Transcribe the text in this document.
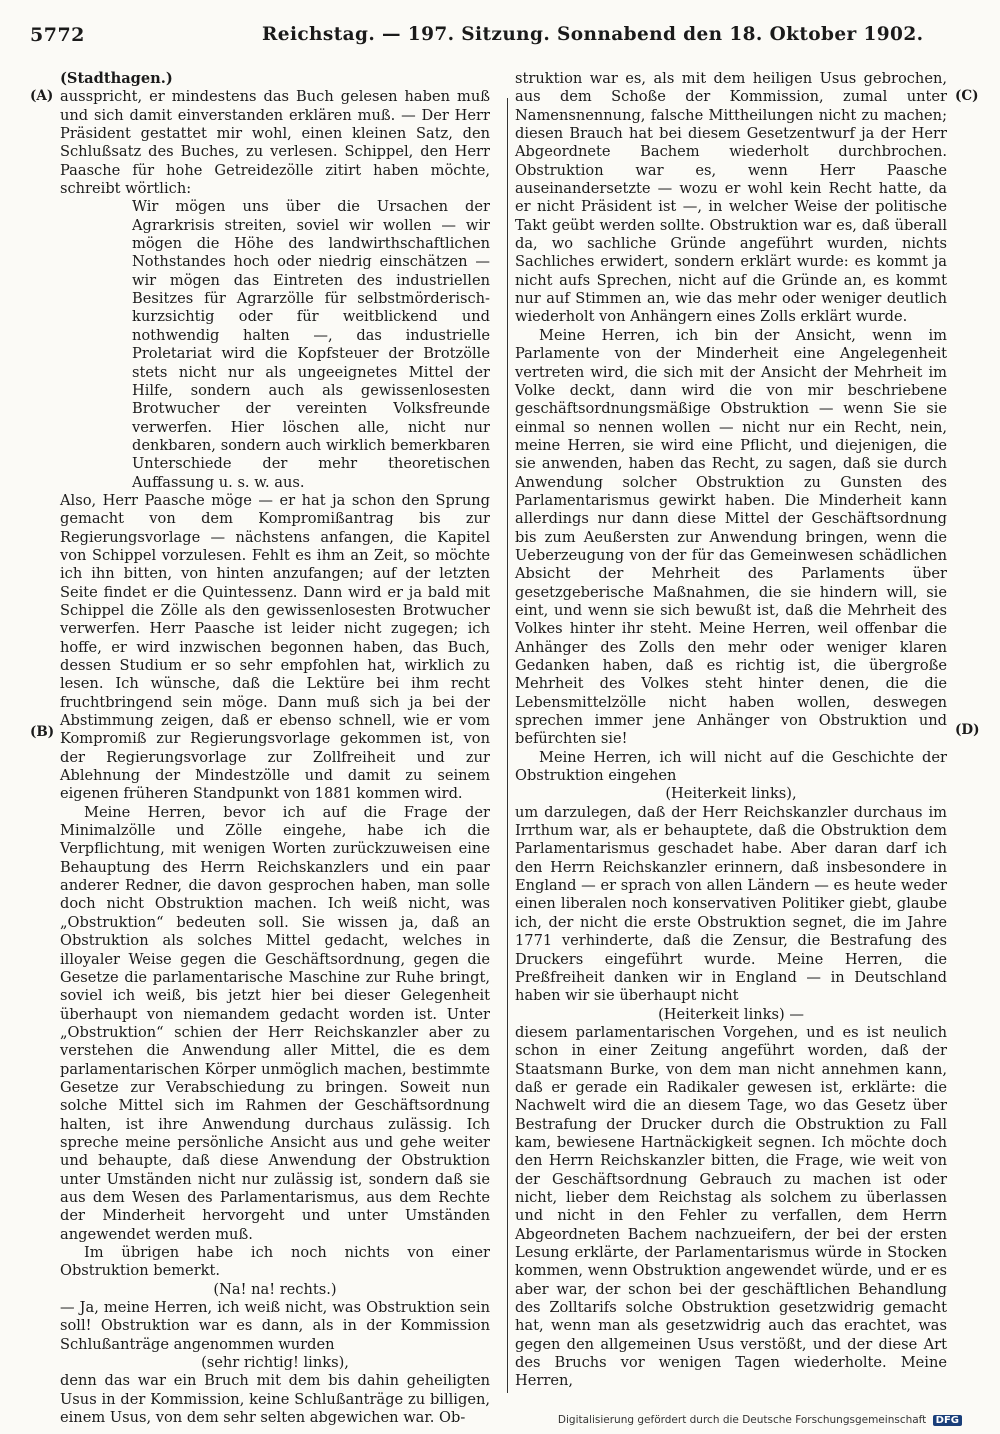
5772	Reichstag. — 197. Sitzung. Sonnabend den 18. Oktober 1902.
(A)
(B)
(C)
(D)

(Stadthagen.)

ausspricht, er mindestens das Buch gelesen haben muß und sich damit einverstanden erklären muß. — Der Herr Präsident gestattet mir wohl, einen kleinen Satz, den Schlußsatz des Buches, zu verlesen. Schippel, den Herr Paasche für hohe Getreidezölle zitirt haben möchte, schreibt wörtlich:

Wir mögen uns über die Ursachen der Agrarkrisis streiten, soviel wir wollen — wir mögen die Höhe des landwirthschaftlichen Nothstandes hoch oder niedrig einschätzen — wir mögen das Eintreten des industriellen Besitzes für Agrarzölle für selbstmörderisch-kurzsichtig oder für weitblickend und nothwendig halten —, das industrielle Proletariat wird die Kopfsteuer der Brotzölle stets nicht nur als ungeeignetes Mittel der Hilfe, sondern auch als gewissenlosesten Brotwucher der vereinten Volksfreunde verwerfen. Hier löschen alle, nicht nur denkbaren, sondern auch wirklich bemerkbaren Unterschiede der mehr theoretischen Auffassung u. s. w. aus.

Also, Herr Paasche möge — er hat ja schon den Sprung gemacht von dem Kompromißantrag bis zur Regierungsvorlage — nächstens anfangen, die Kapitel von Schippel vorzulesen. Fehlt es ihm an Zeit, so möchte ich ihn bitten, von hinten anzufangen; auf der letzten Seite findet er die Quintessenz. Dann wird er ja bald mit Schippel die Zölle als den gewissenlosesten Brotwucher verwerfen. Herr Paasche ist leider nicht zugegen; ich hoffe, er wird inzwischen begonnen haben, das Buch, dessen Studium er so sehr empfohlen hat, wirklich zu lesen. Ich wünsche, daß die Lektüre bei ihm recht fruchtbringend sein möge. Dann muß sich ja bei der Abstimmung zeigen, daß er ebenso schnell, wie er vom Kompromiß zur Regierungsvorlage gekommen ist, von der Regierungsvorlage zur Zollfreiheit und zur Ablehnung der Mindestzölle und damit zu seinem eigenen früheren Standpunkt von 1881 kommen wird.

Meine Herren, bevor ich auf die Frage der Minimalzölle und Zölle eingehe, habe ich die Verpflichtung, mit wenigen Worten zurückzuweisen eine Behauptung des Herrn Reichskanzlers und ein paar anderer Redner, die davon gesprochen haben, man solle doch nicht Obstruktion machen. Ich weiß nicht, was „Obstruktion“ bedeuten soll. Sie wissen ja, daß an Obstruktion als solches Mittel gedacht, welches in illoyaler Weise gegen die Geschäftsordnung, gegen die Gesetze die parlamentarische Maschine zur Ruhe bringt, soviel ich weiß, bis jetzt hier bei dieser Gelegenheit überhaupt von niemandem gedacht worden ist. Unter „Obstruktion“ schien der Herr Reichskanzler aber zu verstehen die Anwendung aller Mittel, die es dem parlamentarischen Körper unmöglich machen, bestimmte Gesetze zur Verabschiedung zu bringen. Soweit nun solche Mittel sich im Rahmen der Geschäftsordnung halten, ist ihre Anwendung durchaus zulässig. Ich spreche meine persönliche Ansicht aus und gehe weiter und behaupte, daß diese Anwendung der Obstruktion unter Umständen nicht nur zulässig ist, sondern daß sie aus dem Wesen des Parlamentarismus, aus dem Rechte der Minderheit hervorgeht und unter Umständen angewendet werden muß.

Im übrigen habe ich noch nichts von einer Obstruktion bemerkt.

(Na! na! rechts.)

— Ja, meine Herren, ich weiß nicht, was Obstruktion sein soll! Obstruktion war es dann, als in der Kommission Schlußanträge angenommen wurden

(sehr richtig! links),

denn das war ein Bruch mit dem bis dahin geheiligten Usus in der Kommission, keine Schlußanträge zu billigen, einem Usus, von dem sehr selten abgewichen war. Ob-

struktion war es, als mit dem heiligen Usus gebrochen, aus dem Schoße der Kommission, zumal unter Namensnennung, falsche Mittheilungen nicht zu machen; diesen Brauch hat bei diesem Gesetzentwurf ja der Herr Abgeordnete Bachem wiederholt durchbrochen. Obstruktion war es, wenn Herr Paasche auseinandersetzte — wozu er wohl kein Recht hatte, da er nicht Präsident ist —, in welcher Weise der politische Takt geübt werden sollte. Obstruktion war es, daß überall da, wo sachliche Gründe angeführt wurden, nichts Sachliches erwidert, sondern erklärt wurde: es kommt ja nicht aufs Sprechen, nicht auf die Gründe an, es kommt nur auf Stimmen an, wie das mehr oder weniger deutlich wiederholt von Anhängern eines Zolls erklärt wurde.

Meine Herren, ich bin der Ansicht, wenn im Parlamente von der Minderheit eine Angelegenheit vertreten wird, die sich mit der Ansicht der Mehrheit im Volke deckt, dann wird die von mir beschriebene geschäftsordnungsmäßige Obstruktion — wenn Sie sie einmal so nennen wollen — nicht nur ein Recht, nein, meine Herren, sie wird eine Pflicht, und diejenigen, die sie anwenden, haben das Recht, zu sagen, daß sie durch Anwendung solcher Obstruktion zu Gunsten des Parlamentarismus gewirkt haben. Die Minderheit kann allerdings nur dann diese Mittel der Geschäftsordnung bis zum Aeußersten zur Anwendung bringen, wenn die Ueberzeugung von der für das Gemeinwesen schädlichen Absicht der Mehrheit des Parlaments über gesetzgeberische Maßnahmen, die sie hindern will, sie eint, und wenn sie sich bewußt ist, daß die Mehrheit des Volkes hinter ihr steht. Meine Herren, weil offenbar die Anhänger des Zolls den mehr oder weniger klaren Gedanken haben, daß es richtig ist, die übergroße Mehrheit des Volkes steht hinter denen, die die Lebensmittelzölle nicht haben wollen, deswegen sprechen immer jene Anhänger von Obstruktion und befürchten sie!

Meine Herren, ich will nicht auf die Geschichte der Obstruktion eingehen

(Heiterkeit links),

um darzulegen, daß der Herr Reichskanzler durchaus im Irrthum war, als er behauptete, daß die Obstruktion dem Parlamentarismus geschadet habe. Aber daran darf ich den Herrn Reichskanzler erinnern, daß insbesondere in England — er sprach von allen Ländern — es heute weder einen liberalen noch konservativen Politiker giebt, glaube ich, der nicht die erste Obstruktion segnet, die im Jahre 1771 verhinderte, daß die Zensur, die Bestrafung des Druckers eingeführt wurde. Meine Herren, die Preßfreiheit danken wir in England — in Deutschland haben wir sie überhaupt nicht

(Heiterkeit links) —

diesem parlamentarischen Vorgehen, und es ist neulich schon in einer Zeitung angeführt worden, daß der Staatsmann Burke, von dem man nicht annehmen kann, daß er gerade ein Radikaler gewesen ist, erklärte: die Nachwelt wird die an diesem Tage, wo das Gesetz über Bestrafung der Drucker durch die Obstruktion zu Fall kam, bewiesene Hartnäckigkeit segnen. Ich möchte doch den Herrn Reichskanzler bitten, die Frage, wie weit von der Geschäftsordnung Gebrauch zu machen ist oder nicht, lieber dem Reichstag als solchem zu überlassen und nicht in den Fehler zu verfallen, dem Herrn Abgeordneten Bachem nachzueifern, der bei der ersten Lesung erklärte, der Parlamentarismus würde in Stocken kommen, wenn Obstruktion angewendet würde, und er es aber war, der schon bei der geschäftlichen Behandlung des Zolltarifs solche Obstruktion gesetzwidrig gemacht hat, wenn man als gesetzwidrig auch das erachtet, was gegen den allgemeinen Usus verstößt, und der diese Art des Bruchs vor wenigen Tagen wiederholte. Meine Herren,

Digitalisierung gefördert durch die Deutsche Forschungsgemeinschaft DFG
